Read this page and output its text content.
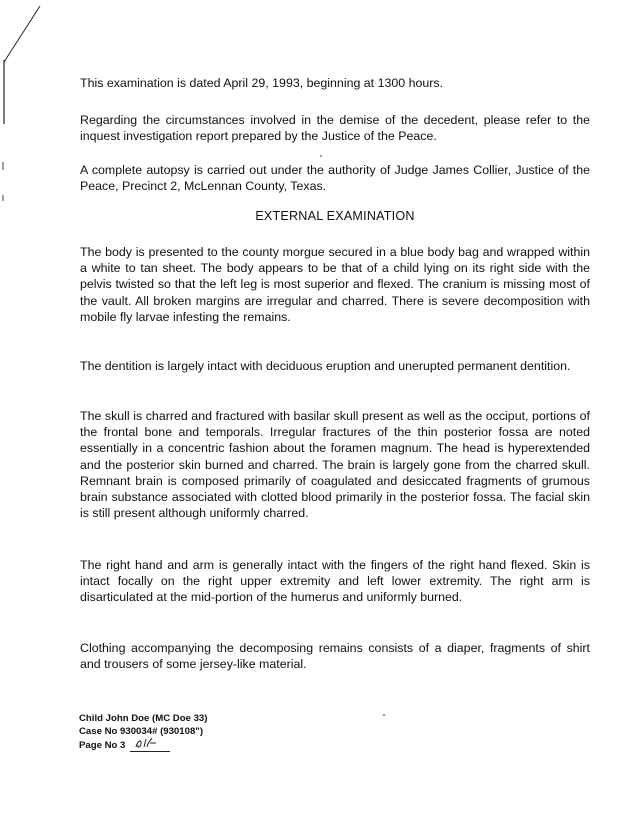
This examination is dated April 29, 1993, beginning at 1300 hours.

Regarding the circumstances involved in the demise of the decedent, please refer to the inquest investigation report prepared by the Justice of the Peace.

A complete autopsy is carried out under the authority of Judge James Collier, Justice of the Peace, Precinct 2, McLennan County, Texas.

EXTERNAL EXAMINATION

The body is presented to the county morgue secured in a blue body bag and wrapped within a white to tan sheet. The body appears to be that of a child lying on its right side with the pelvis twisted so that the left leg is most superior and flexed. The cranium is missing most of the vault. All broken margins are irregular and charred. There is severe decomposition with mobile fly larvae infesting the remains.

The dentition is largely intact with deciduous eruption and unerupted permanent dentition.

The skull is charred and fractured with basilar skull present as well as the occiput, portions of the frontal bone and temporals. Irregular fractures of the thin posterior fossa are noted essentially in a concentric fashion about the foramen magnum. The head is hyperextended and the posterior skin burned and charred. The brain is largely gone from the charred skull. Remnant brain is composed primarily of coagulated and desiccated fragments of grumous brain substance associated with clotted blood primarily in the posterior fossa. The facial skin is still present although uniformly charred.

The right hand and arm is generally intact with the fingers of the right hand flexed. Skin is intact focally on the right upper extremity and left lower extremity. The right arm is disarticulated at the mid-portion of the humerus and uniformly burned.

Clothing accompanying the decomposing remains consists of a diaper, fragments of shirt and trousers of some jersey-like material.

Child John Doe (MC Doe 33)
Case No 930034# (930108")
Page No 3
